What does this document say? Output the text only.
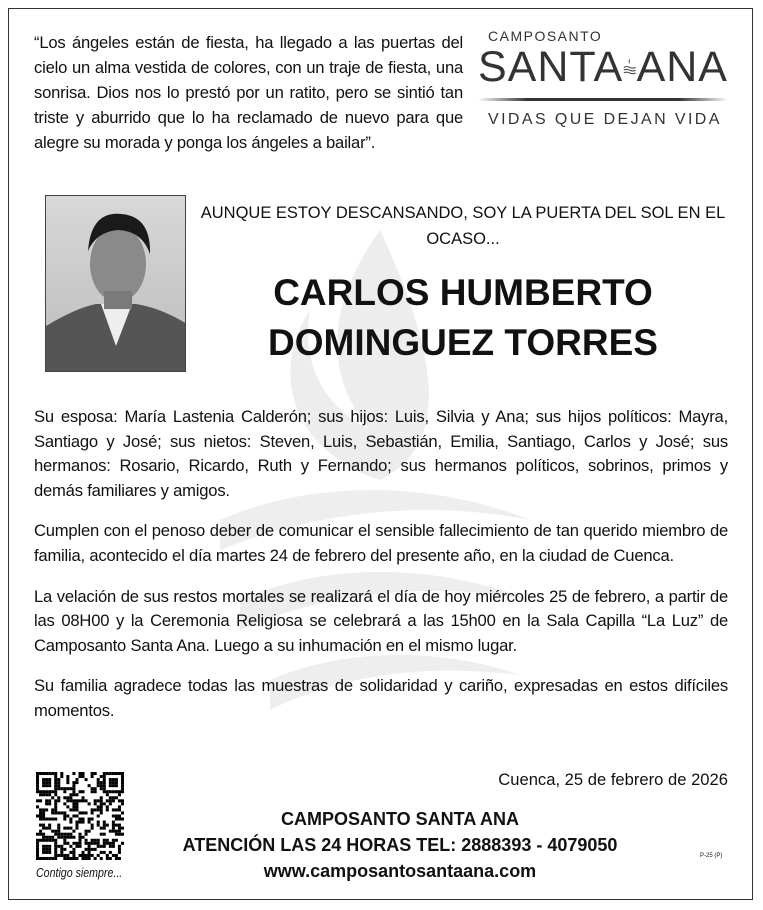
“Los ángeles están de fiesta, ha llegado a las puertas del cielo un alma vestida de colores, con un traje de fiesta, una sonrisa. Dios nos lo prestó por un ratito, pero se sintió tan triste y aburrido que lo ha reclamado de nuevo para que alegre su morada y ponga los ángeles a bailar”.
CAMPOSANTO
SANTA ANA
VIDAS QUE DEJAN VIDA
AUNQUE ESTOY DESCANSANDO, SOY LA PUERTA DEL SOL EN EL OCASO...
CARLOS HUMBERTO
DOMINGUEZ TORRES

Su esposa: María Lastenia Calderón; sus hijos: Luis, Silvia y Ana; sus hijos políticos: Mayra, Santiago y José; sus nietos: Steven, Luis, Sebastián, Emilia, Santiago, Carlos y José; sus hermanos: Rosario, Ricardo, Ruth y Fernando; sus hermanos políticos, sobrinos, primos y demás familiares y amigos.

Cumplen con el penoso deber de comunicar el sensible fallecimiento de tan querido miembro de familia, acontecido el día martes 24 de febrero del presente año, en la ciudad de Cuenca.

La velación de sus restos mortales se realizará el día de hoy miércoles 25 de febrero, a partir de las 08H00 y la Ceremonia Religiosa se celebrará a las 15h00 en la Sala Capilla “La Luz” de Camposanto Santa Ana. Luego a su inhumación en el mismo lugar.

Su familia agradece todas las muestras de solidaridad y cariño, expresadas en estos difíciles momentos.

Cuenca, 25 de febrero de 2026
Contigo siempre...
CAMPOSANTO SANTA ANA
ATENCIÓN LAS 24 HORAS TEL: 2888393 - 4079050
www.camposantosantaana.com
P-25 (P)
